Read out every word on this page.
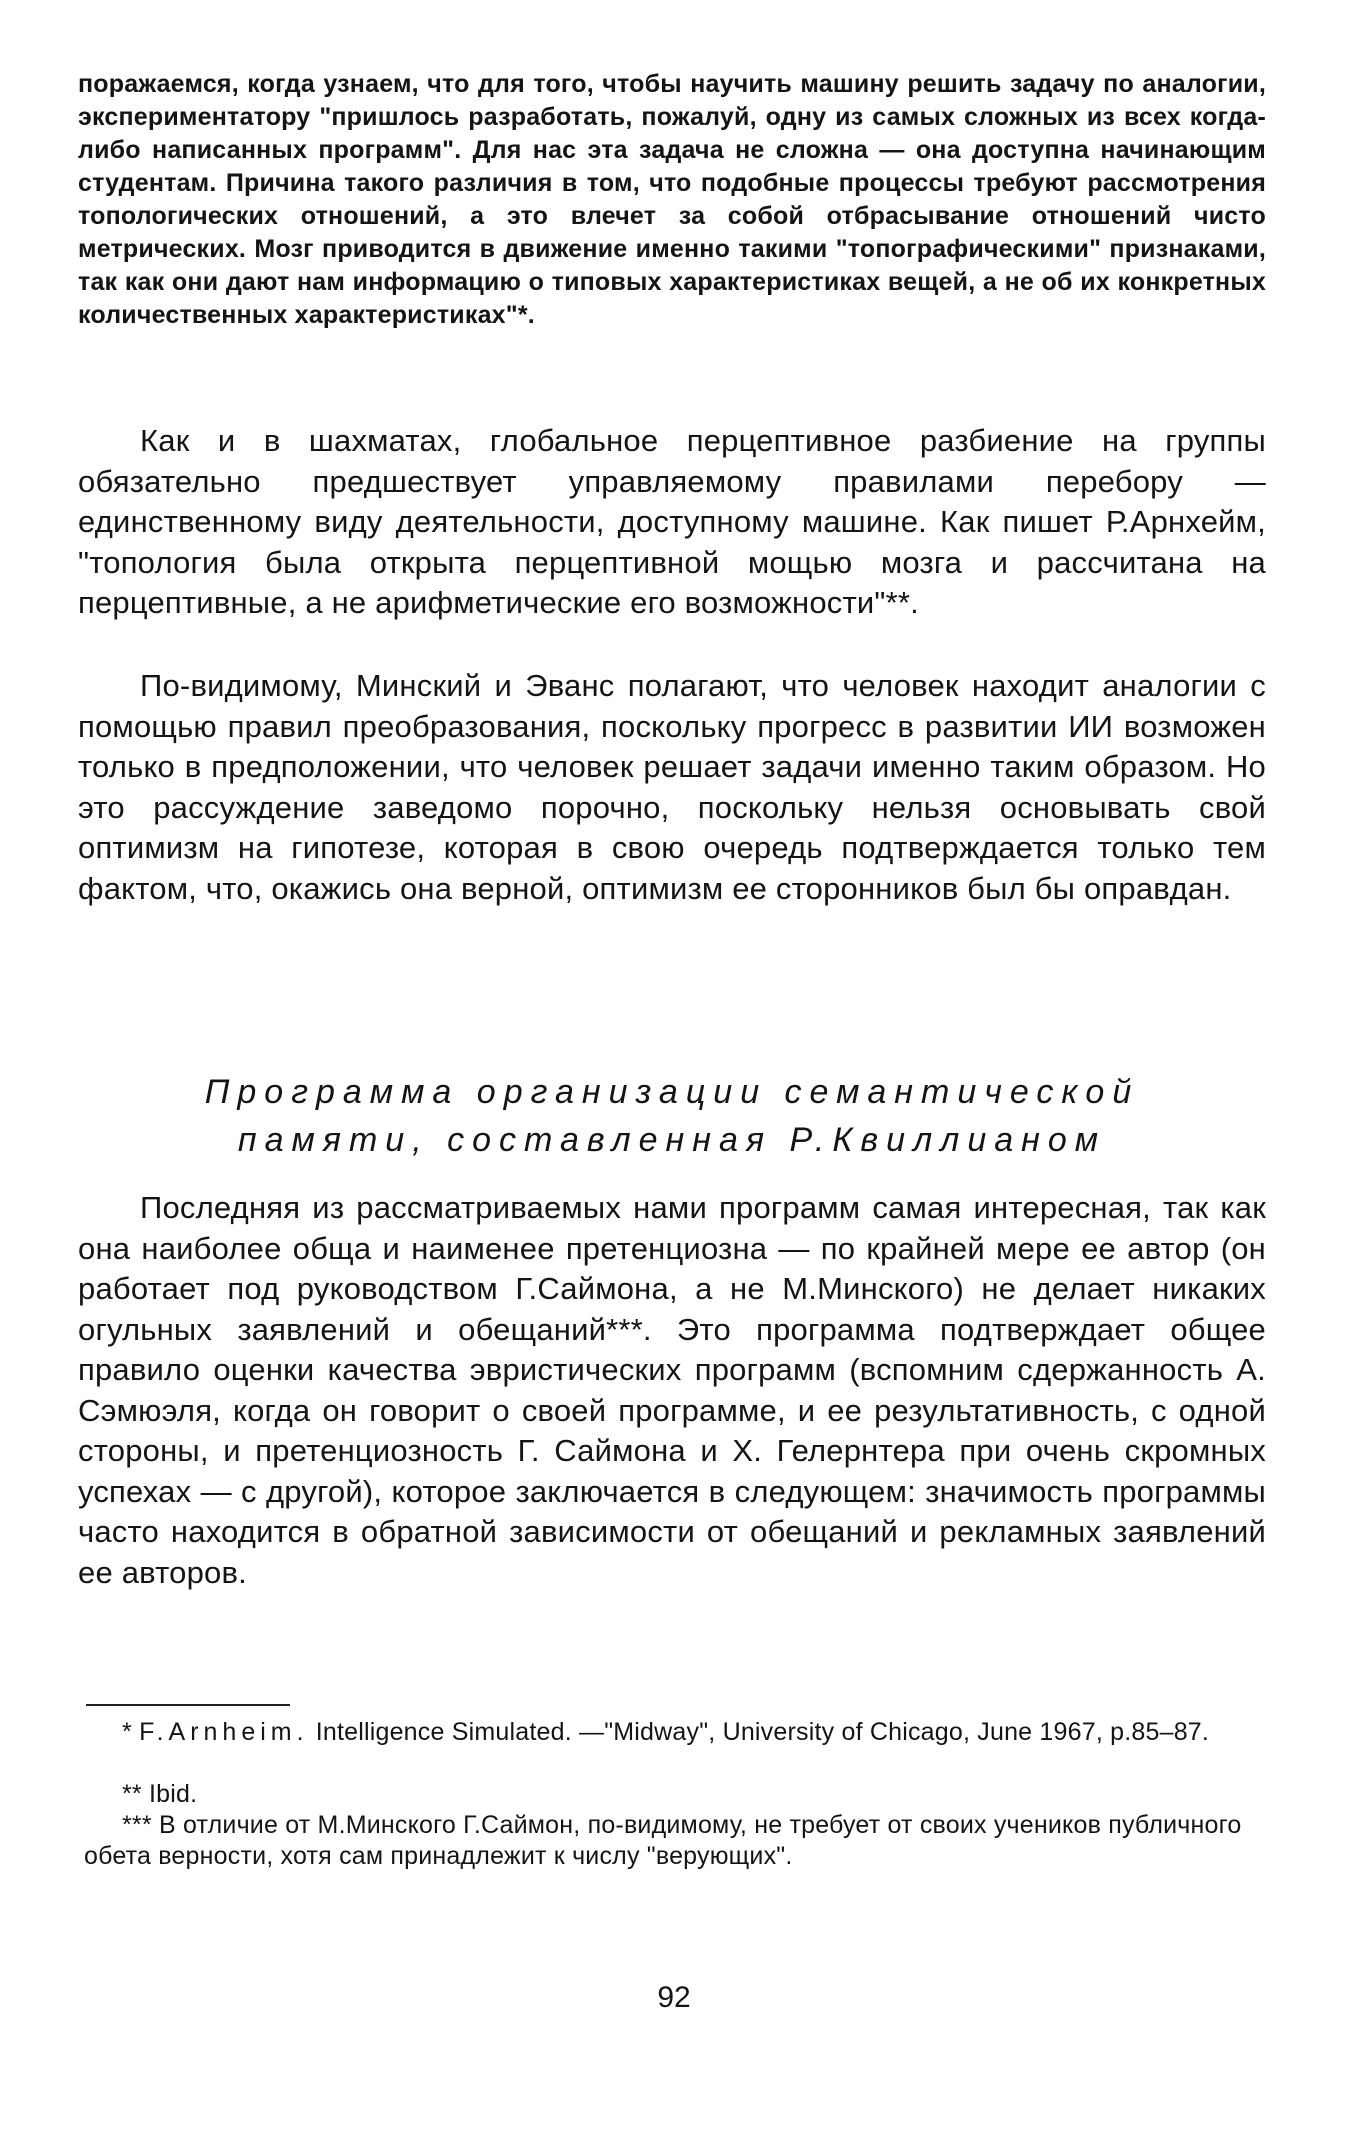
поражаемся, когда узнаем, что для того, чтобы научить машину решить задачу по аналогии, экспериментатору "пришлось разработать, пожалуй, одну из самых сложных из всех когда-либо написанных программ". Для нас эта задача не сложна — она доступна начинающим студентам. Причина такого различия в том, что подобные процессы требуют рассмотрения топологических отношений, а это влечет за собой отбрасывание отношений чисто метрических. Мозг приводится в движение именно такими "топографическими" признаками, так как они дают нам информацию о типовых характеристиках вещей, а не об их конкретных количественных характеристиках"*.

Как и в шахматах, глобальное перцептивное разбиение на группы обязательно предшествует управляемому правилами перебору — единственному виду деятельности, доступному машине. Как пишет Р.Арнхейм, "топология была открыта перцептивной мощью мозга и рассчитана на перцептивные, а не арифметические его возможности"**.

По-видимому, Минский и Эванс полагают, что человек находит аналогии с помощью правил преобразования, поскольку прогресс в развитии ИИ возможен только в предположении, что человек решает задачи именно таким образом. Но это рассуждение заведомо порочно, поскольку нельзя основывать свой оптимизм на гипотезе, которая в свою очередь подтверждается только тем фактом, что, окажись она верной, оптимизм ее сторонников был бы оправдан.

Программа организации семантической
памяти, составленная Р.Квиллианом

Последняя из рассматриваемых нами программ самая интересная, так как она наиболее обща и наименее претенциозна — по крайней мере ее автор (он работает под руководством Г.Саймона, а не М.Минского) не делает никаких огульных заявлений и обещаний***. Это программа подтверждает общее правило оценки качества эвристических программ (вспомним сдержанность А. Сэмюэля, когда он говорит о своей программе, и ее результативность, с одной стороны, и претенциозность Г. Саймона и Х. Гелернтера при очень скромных успехах — с другой), которое заключается в следующем: значимость программы часто находится в обратной зависимости от обещаний и рекламных заявлений ее авторов.

* F.Arnheim. Intelligence Simulated. —"Midway", University of Chicago, June 1967, p.85–87.

** Ibid.

*** В отличие от М.Минского Г.Саймон, по-видимому, не требует от своих учеников публичного обета верности, хотя сам принадлежит к числу "верующих".

92
